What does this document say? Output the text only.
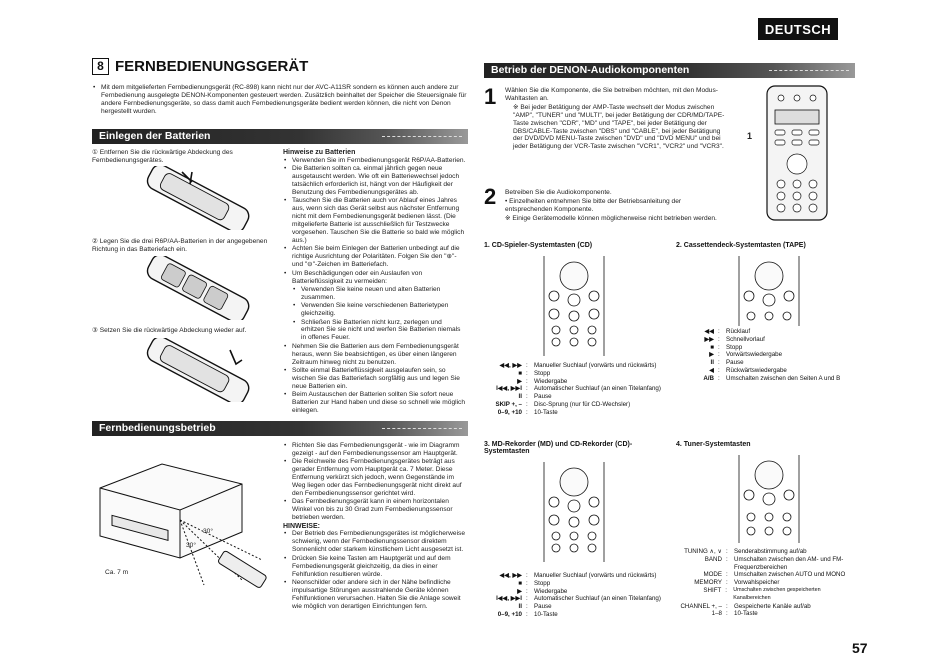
DEUTSCH
8 FERNBEDIENUNGSGERÄT
• Mit dem mitgelieferten Fernbedienungsgerät (RC-898) kann nicht nur der AVC-A11SR sondern es können auch andere zur Fernbedienung ausgelegte DENON-Komponenten gesteuert werden. Zusätzlich beinhaltet der Speicher die Steuersignale für andere Fernbedienungsgeräte, so dass damit auch Fernbedienungsgeräte bedient werden können, die nicht von Denon hergestellt wurden.
Einlegen der Batterien

① Entfernen Sie die rückwärtige Abdeckung des Fernbedienungsgerätes.

② Legen Sie die drei R6P/AA-Batterien in der angegebenen Richtung in das Batteriefach ein.

③ Setzen Sie die rückwärtige Abdeckung wieder auf.

Hinweise zu Batterien
• Verwenden Sie im Fernbedienungsgerät R6P/AA-Batterien.
• Die Batterien sollten ca. einmal jährlich gegen neue ausgetauscht werden. Wie oft ein Batteriewechsel jedoch tatsächlich erforderlich ist, hängt von der Häufigkeit der Benutzung des Fernbedienungsgerätes ab.
• Tauschen Sie die Batterien auch vor Ablauf eines Jahres aus, wenn sich das Gerät selbst aus nächster Entfernung nicht mit dem Fernbedienungsgerät bedienen lässt. (Die mitgelieferte Batterie ist ausschließlich für Testzwecke vorgesehen. Tauschen Sie die Batterie so bald wie möglich aus.)
• Achten Sie beim Einlegen der Batterien unbedingt auf die richtige Ausrichtung der Polaritäten. Folgen Sie den "⊕"- und "⊖"-Zeichen im Batteriefach.
• Um Beschädigungen oder ein Auslaufen von Batterieflüssigkeit zu vermeiden:
• Verwenden Sie keine neuen und alten Batterien zusammen.
• Verwenden Sie keine verschiedenen Batterietypen gleichzeitig.
• Schließen Sie Batterien nicht kurz, zerlegen und erhitzen Sie sie nicht und werfen Sie Batterien niemals in offenes Feuer.
• Nehmen Sie die Batterien aus dem Fernbedienungsgerät heraus, wenn Sie beabsichtigen, es über einen längeren Zeitraum hinweg nicht zu benutzen.
• Sollte einmal Batterieflüssigkeit ausgelaufen sein, so wischen Sie das Batteriefach sorgfältig aus und legen Sie neue Batterien ein.
• Beim Austauschen der Batterien sollten Sie sofort neue Batterien zur Hand haben und diese so schnell wie möglich einlegen.
Fernbedienungsbetrieb
Ca. 7 m
30°
30°
• Richten Sie das Fernbedienungsgerät - wie im Diagramm gezeigt - auf den Fernbedienungssensor am Hauptgerät.
• Die Reichweite des Fernbedienungsgerätes beträgt aus gerader Entfernung vom Hauptgerät ca. 7 Meter. Diese Entfernung verkürzt sich jedoch, wenn Gegenstände im Weg liegen oder das Fernbedienungsgerät nicht direkt auf den Fernbedienungssensor gerichtet wird.
• Das Fernbedienungsgerät kann in einem horizontalen Winkel von bis zu 30 Grad zum Fernbedienungssensor betrieben werden.
HINWEISE:
• Der Betrieb des Fernbedienungsgerätes ist möglicherweise schwierig, wenn der Fernbedienungssensor direktem Sonnenlicht oder starkem künstlichem Licht ausgesetzt ist.
• Drücken Sie keine Tasten am Hauptgerät und auf dem Fernbedienungsgerät gleichzeitig, da dies in einer Fehlfunktion resultieren würde.
• Neonschilder oder andere sich in der Nähe befindliche impulsartige Störungen ausstrahlende Geräte können Fehlfunktionen verursachen. Halten Sie die Anlage soweit wie möglich von derartigen Einrichtungen fern.
Betrieb der DENON-Audiokomponenten
1 Wählen Sie die Komponente, die Sie betreiben möchten, mit den Modus-Wahltasten an.

※ Bei jeder Betätigung der AMP-Taste wechselt der Modus zwischen "AMP", "TUNER" und "MULTI", bei jeder Betätigung der CDR/MD/TAPE-Taste zwischen "CDR", "MD" und "TAPE", bei jeder Betätigung der DBS/CABLE-Taste zwischen "DBS" und "CABLE", bei jeder Betätigung der DVD/DVD MENU-Taste zwischen "DVD" und "DVD MENU" und bei jeder Betätigung der VCR-Taste zwischen "VCR1", "VCR2" und "VCR3".

1
2 Betreiben Sie die Audiokomponente.

• Einzelheiten entnehmen Sie bitte der Betriebsanleitung der entsprechenden Komponente.

※ Einige Gerätemodelle können möglicherweise nicht betrieben werden.

1. CD-Spieler-Systemtasten (CD)
◀◀, ▶▶ :	Manueller Suchlauf (vorwärts und rückwärts)
■ :	Stopp
▶ :	Wiedergabe
I◀◀, ▶▶I :	Automatischer Suchlauf (an einen Titelanfang)
II :	Pause
SKIP +, – :	Disc-Sprung (nur für CD-Wechsler)
0–9, +10 :	10-Taste
2. Cassettendeck-Systemtasten (TAPE)
◀◀ :	Rücklauf
▶▶ :	Schnellvorlauf
■ :	Stopp
▶ :	Vorwärtswiedergabe
II :	Pause
◀ :	Rückwärtswiedergabe
A/B :	Umschalten zwischen den Seiten A und B
3. MD-Rekorder (MD) und CD-Rekorder (CD)-Systemtasten
◀◀, ▶▶ :	Manueller Suchlauf (vorwärts und rückwärts)
■ :	Stopp
▶ :	Wiedergabe
I◀◀, ▶▶I :	Automatischer Suchlauf (an einen Titelanfang)
II :	Pause
0–9, +10 :	10-Taste
4. Tuner-Systemtasten
TUNING ∧, ∨ :	Senderabstimmung auf/ab
BAND :	Umschalten zwischen den AM- und FM-Frequenzbereichen
MODE :	Umschalten zwischen AUTO und MONO
MEMORY :	Vorwahlspeicher
SHIFT :	Umschalten zwischen gespeicherten Kanalbereichen
CHANNEL +, – :	Gespeicherte Kanäle auf/ab
1–8 :	10-Taste
57
